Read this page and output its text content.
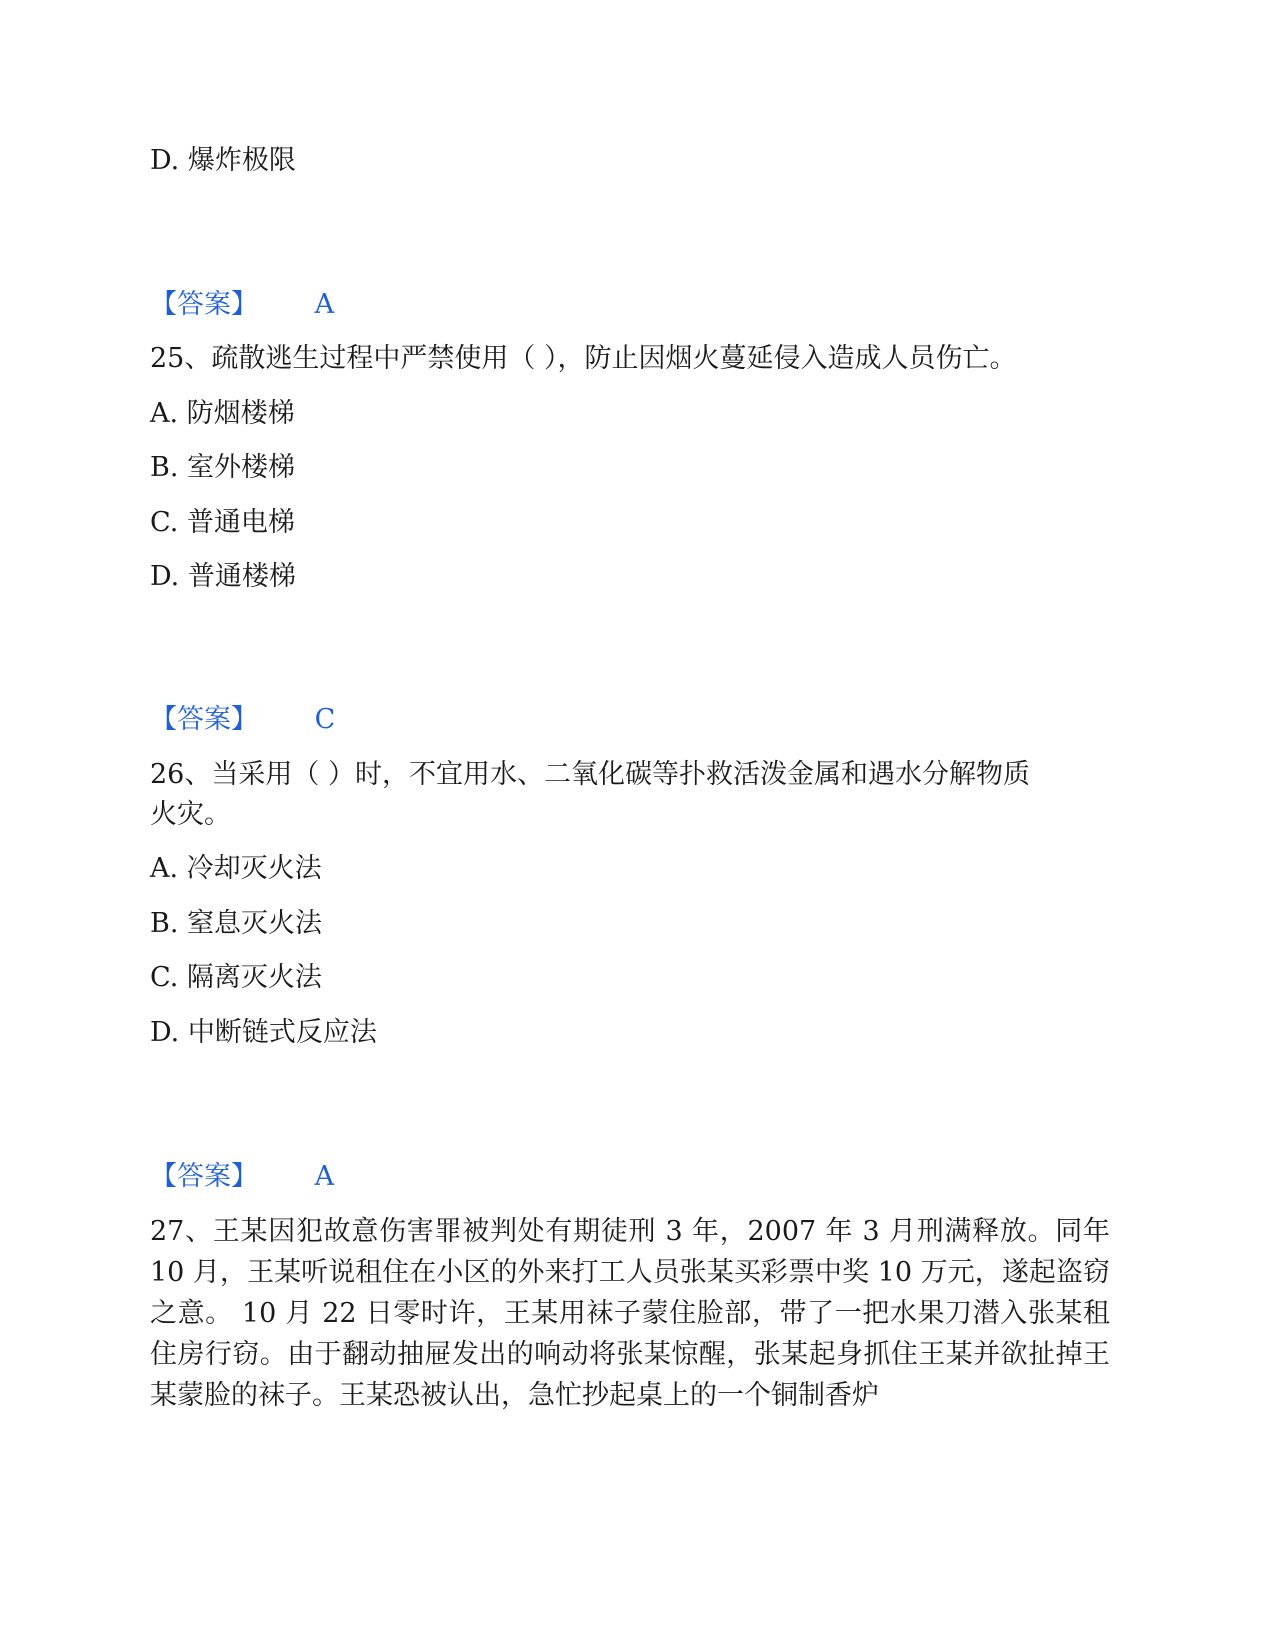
D. 爆炸极限
【答案】 A
25、疏散逃生过程中严禁使用（ ），防止因烟火蔓延侵入造成人员伤亡。
A. 防烟楼梯
B. 室外楼梯
C. 普通电梯
D. 普通楼梯
【答案】 C
26、当采用（ ）时，不宜用水、二氧化碳等扑救活泼金属和遇水分解物质
火灾。
A. 冷却灭火法
B. 窒息灭火法
C. 隔离灭火法
D. 中断链式反应法
【答案】 A
27、王某因犯故意伤害罪被判处有期徒刑 3 年，2007 年 3 月刑满释放。同年 10 月，王某听说租住在小区的外来打工人员张某买彩票中奖 10 万元，遂起盗窃之意。 10 月 22 日零时许，王某用袜子蒙住脸部，带了一把水果刀潜入张某租住房行窃。由于翻动抽屉发出的响动将张某惊醒，张某起身抓住王某并欲扯掉王某蒙脸的袜子。王某恐被认出，急忙抄起桌上的一个铜制香炉
